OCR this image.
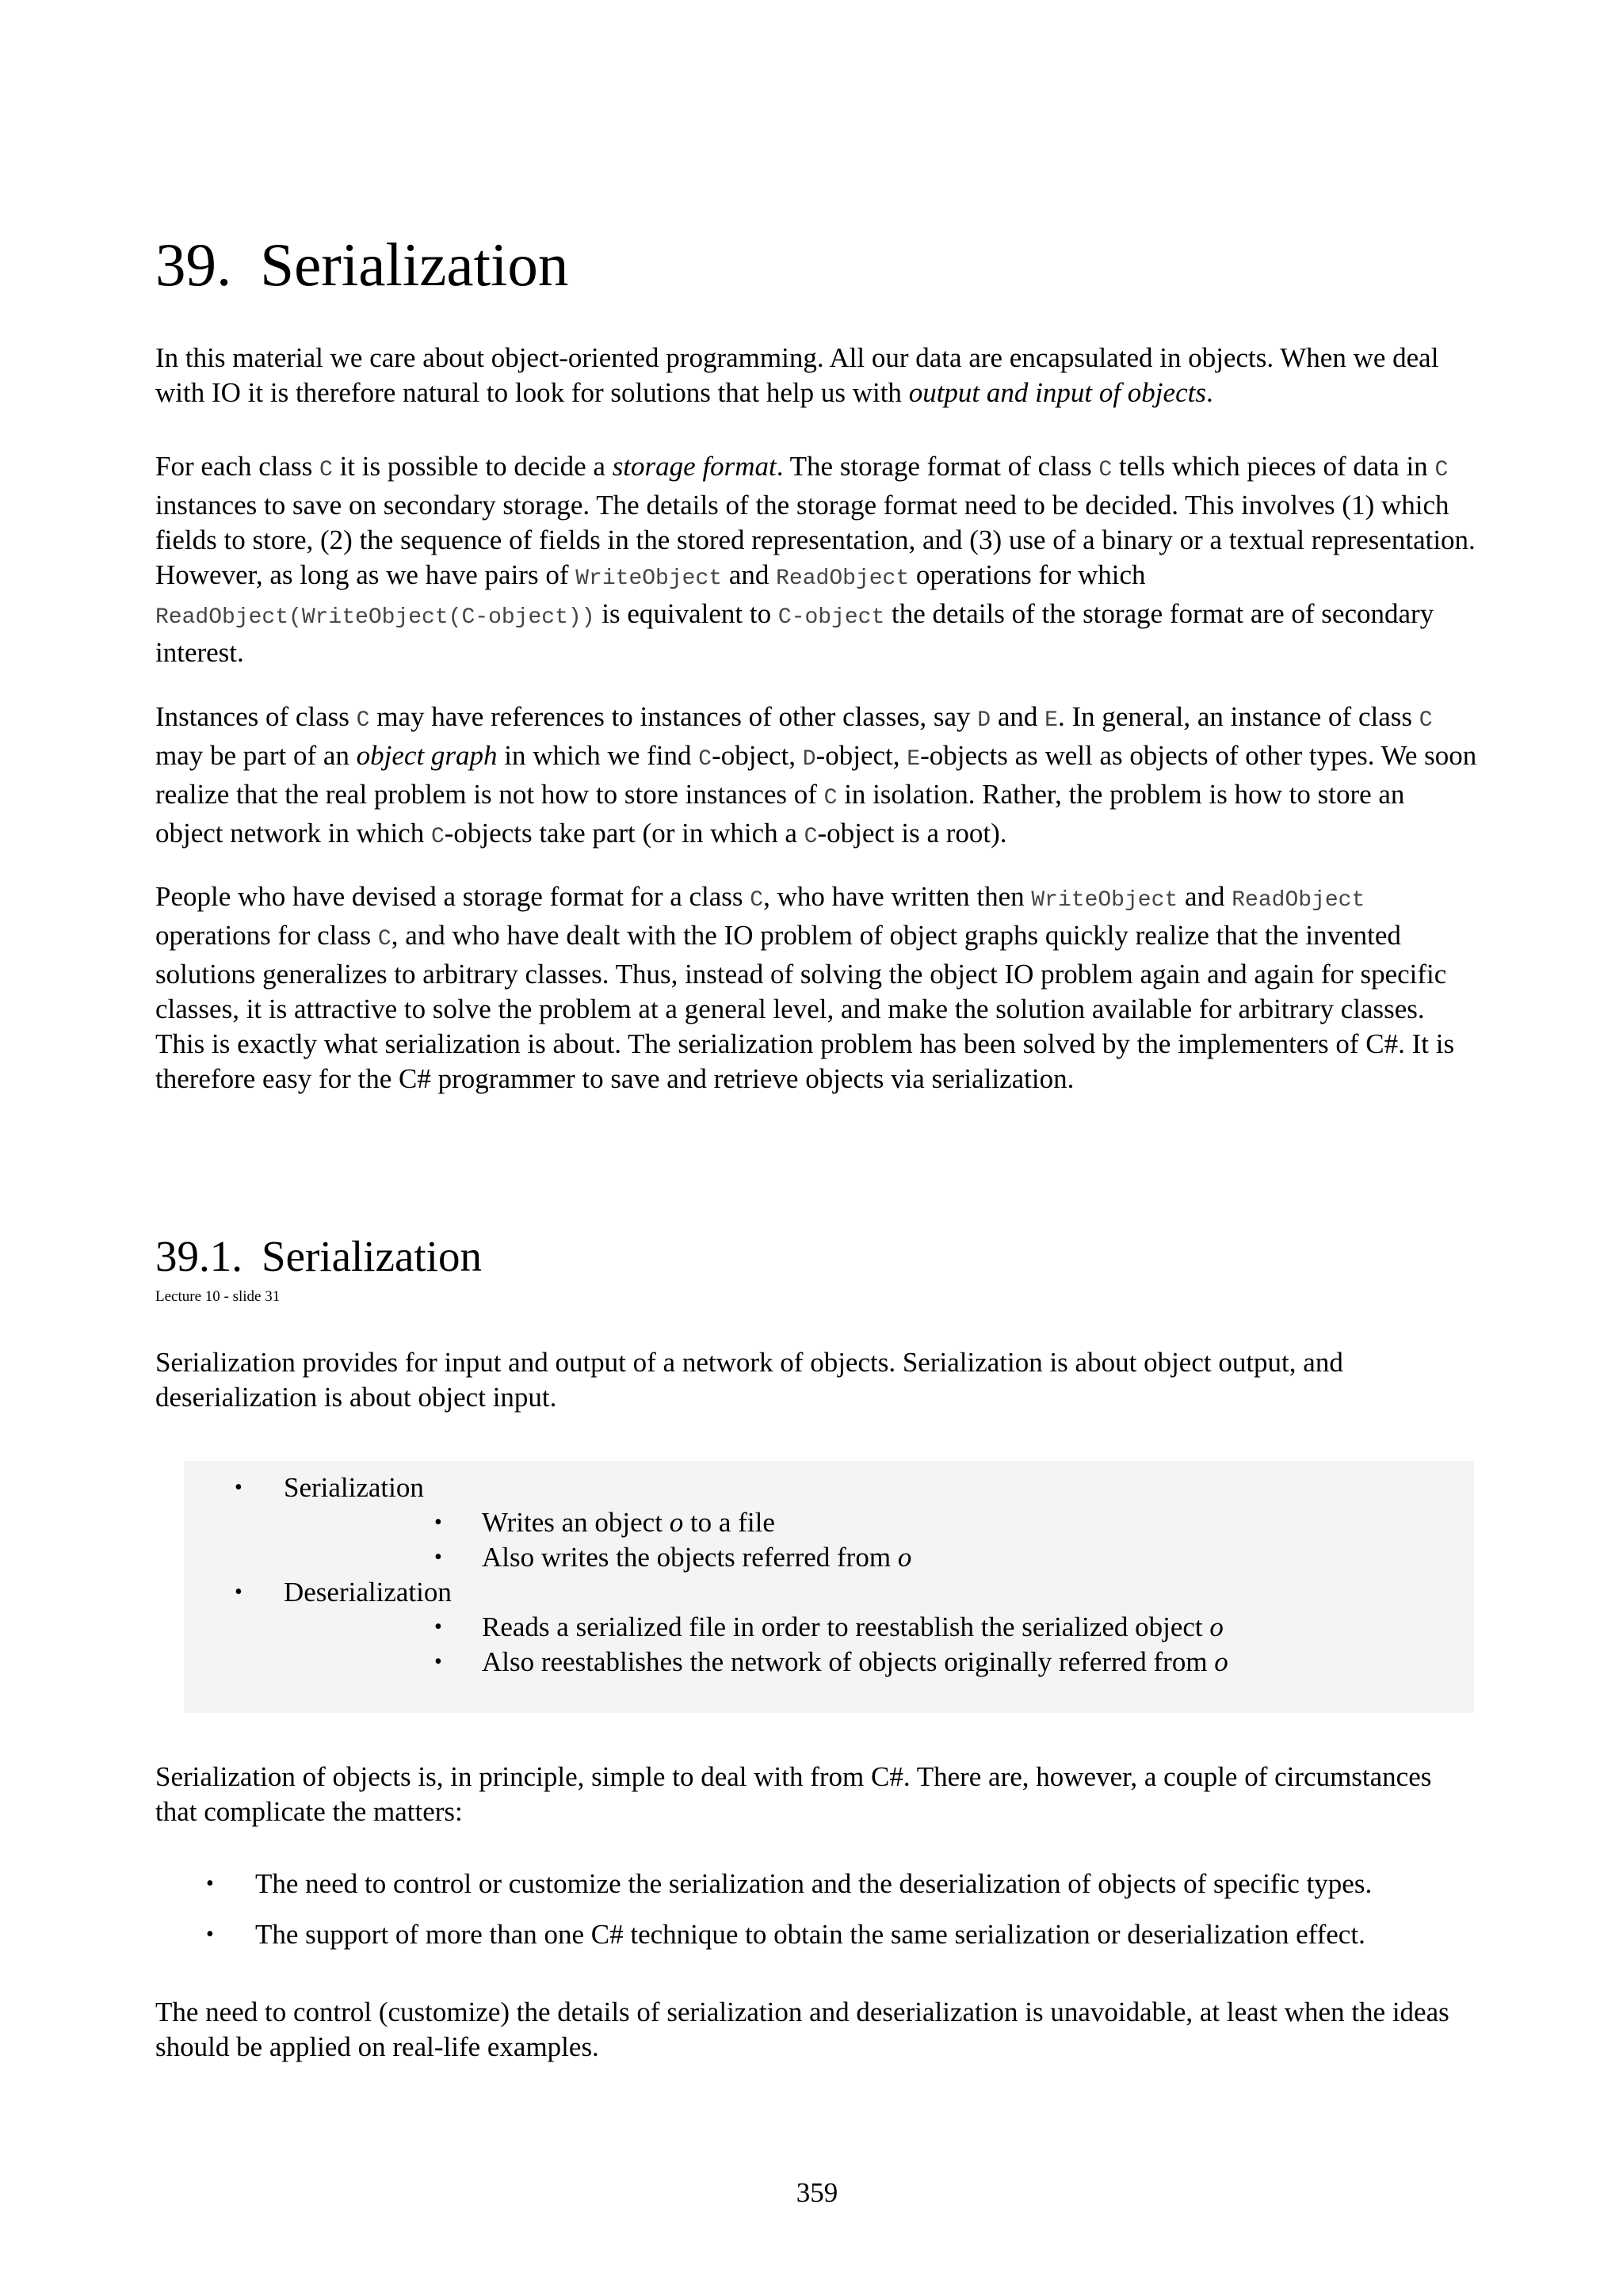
39. Serialization

In this material we care about object-oriented programming. All our data are encapsulated in objects. When we deal with IO it is therefore natural to look for solutions that help us with output and input of objects.

For each class C it is possible to decide a storage format. The storage format of class C tells which pieces of data in C instances to save on secondary storage. The details of the storage format need to be decided. This involves (1) which fields to store, (2) the sequence of fields in the stored representation, and (3) use of a binary or a textual representation. However, as long as we have pairs of WriteObject and ReadObject operations for which ReadObject(WriteObject(C-object)) is equivalent to C-object the details of the storage format are of secondary interest.

Instances of class C may have references to instances of other classes, say D and E. In general, an instance of class C may be part of an object graph in which we find C-object, D-object, E-objects as well as objects of other types. We soon realize that the real problem is not how to store instances of C in isolation. Rather, the problem is how to store an object network in which C-objects take part (or in which a C-object is a root).

People who have devised a storage format for a class C, who have written then WriteObject and ReadObject operations for class C, and who have dealt with the IO problem of object graphs quickly realize that the invented solutions generalizes to arbitrary classes. Thus, instead of solving the object IO problem again and again for specific classes, it is attractive to solve the problem at a general level, and make the solution available for arbitrary classes. This is exactly what serialization is about. The serialization problem has been solved by the implementers of C#. It is therefore easy for the C# programmer to save and retrieve objects via serialization.

39.1. Serialization
Lecture 10 - slide 31

Serialization provides for input and output of a network of objects. Serialization is about object output, and deserialization is about object input.

• Serialization
• Writes an object o to a file
• Also writes the objects referred from o
• Deserialization
• Reads a serialized file in order to reestablish the serialized object o
• Also reestablishes the network of objects originally referred from o

Serialization of objects is, in principle, simple to deal with from C#. There are, however, a couple of circumstances that complicate the matters:

• The need to control or customize the serialization and the deserialization of objects of specific types.
• The support of more than one C# technique to obtain the same serialization or deserialization effect.

The need to control (customize) the details of serialization and deserialization is unavoidable, at least when the ideas should be applied on real-life examples.

359
